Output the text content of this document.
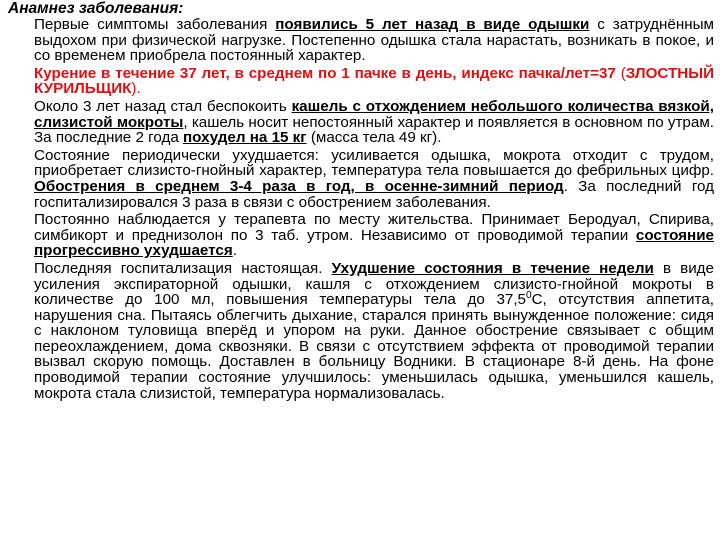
Анамнез заболевания:

Первые симптомы заболевания появились 5 лет назад в виде одышки с затруднённым выдохом при физической нагрузке. Постепенно одышка стала нарастать, возникать в покое, и со временем приобрела постоянный характер.

Курение в течение 37 лет, в среднем по 1 пачке в день, индекс пачка/лет=37 (ЗЛОСТНЫЙ КУРИЛЬЩИК).

Около 3 лет назад стал беспокоить кашель с отхождением небольшого количества вязкой, слизистой мокроты, кашель носит непостоянный характер и появляется в основном по утрам. За последние 2 года похудел на 15 кг (масса тела 49 кг).

Состояние периодически ухудшается: усиливается одышка, мокрота отходит с трудом, приобретает слизисто-гнойный характер, температура тела повышается до фебрильных цифр. Обострения в среднем 3-4 раза в год, в осенне-зимний период. За последний год госпитализировался 3 раза в связи с обострением заболевания.

Постоянно наблюдается у терапевта по месту жительства. Принимает Беродуал, Спирива, симбикорт и преднизолон по 3 таб. утром. Независимо от проводимой терапии состояние прогрессивно ухудшается.

Последняя госпитализация настоящая. Ухудшение состояния в течение недели в виде усиления экспираторной одышки, кашля с отхождением слизисто-гнойной мокроты в количестве до 100 мл, повышения температуры тела до 37,5$^0$С, отсутствия аппетита, нарушения сна. Пытаясь облегчить дыхание, старался принять вынужденное положение: сидя с наклоном туловища вперёд и упором на руки. Данное обострение связывает с общим переохлаждением, дома сквозняки. В связи с отсутствием эффекта от проводимой терапии вызвал скорую помощь. Доставлен в больницу Водники. В стационаре 8-й день. На фоне проводимой терапии состояние улучшилось: уменьшилась одышка, уменьшился кашель, мокрота стала слизистой, температура нормализовалась.
